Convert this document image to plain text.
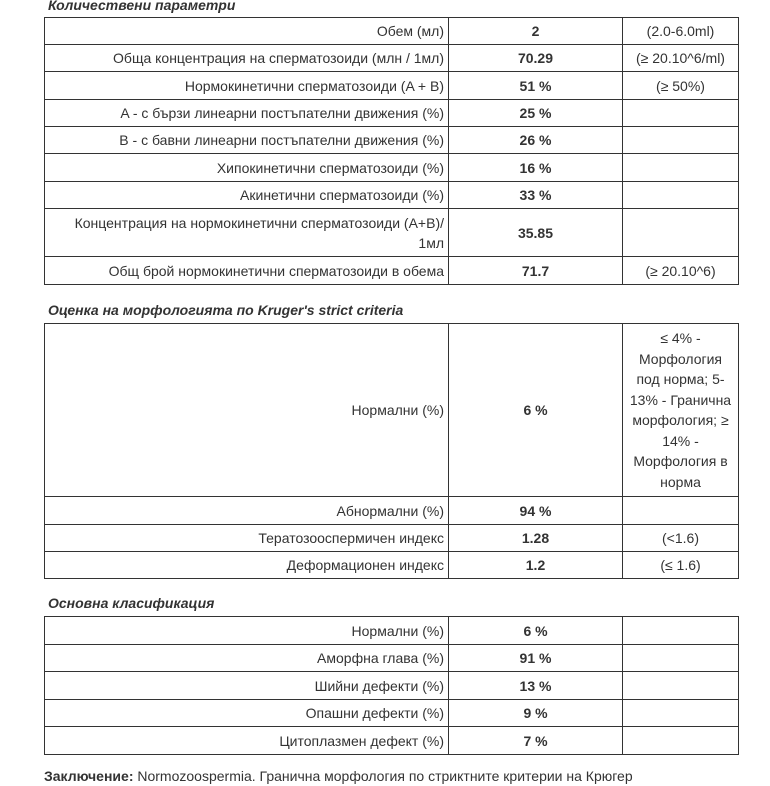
Количествени параметри
Обем (мл)	2	(2.0-6.0ml)
Обща концентрация на сперматозоиди (млн / 1мл)	70.29	(≥ 20.10^6/ml)
Нормокинетични сперматозоиди (A + B)	51 %	(≥ 50%)
A - с бързи линеарни постъпателни движения (%)	25 %	
B - с бавни линеарни постъпателни движения (%)	26 %	
Хипокинетични сперматозоиди (%)	16 %	
Акинетични сперматозоиди (%)	33 %	
Концентрация на нормокинетични сперматозоиди (A+B)/ 1мл	35.85	
Общ брой нормокинетични сперматозоиди в обема	71.7	(≥ 20.10^6)
Оценка на морфологията по Kruger's strict criteria
Нормални (%)	6 %	≤ 4% - Морфология под норма; 5-13% - Гранична морфология; ≥ 14% - Морфология в норма
Абнормални (%)	94 %	
Тератозооспермичен индекс	1.28	(<1.6)
Деформационен индекс	1.2	(≤ 1.6)
Основна класификация
Нормални (%)	6 %	
Аморфна глава (%)	91 %	
Шийни дефекти (%)	13 %	
Опашни дефекти (%)	9 %	
Цитоплазмен дефект (%)	7 %	

Заключение: Normozoospermia. Гранична морфология по стриктните критерии на Крюгер
